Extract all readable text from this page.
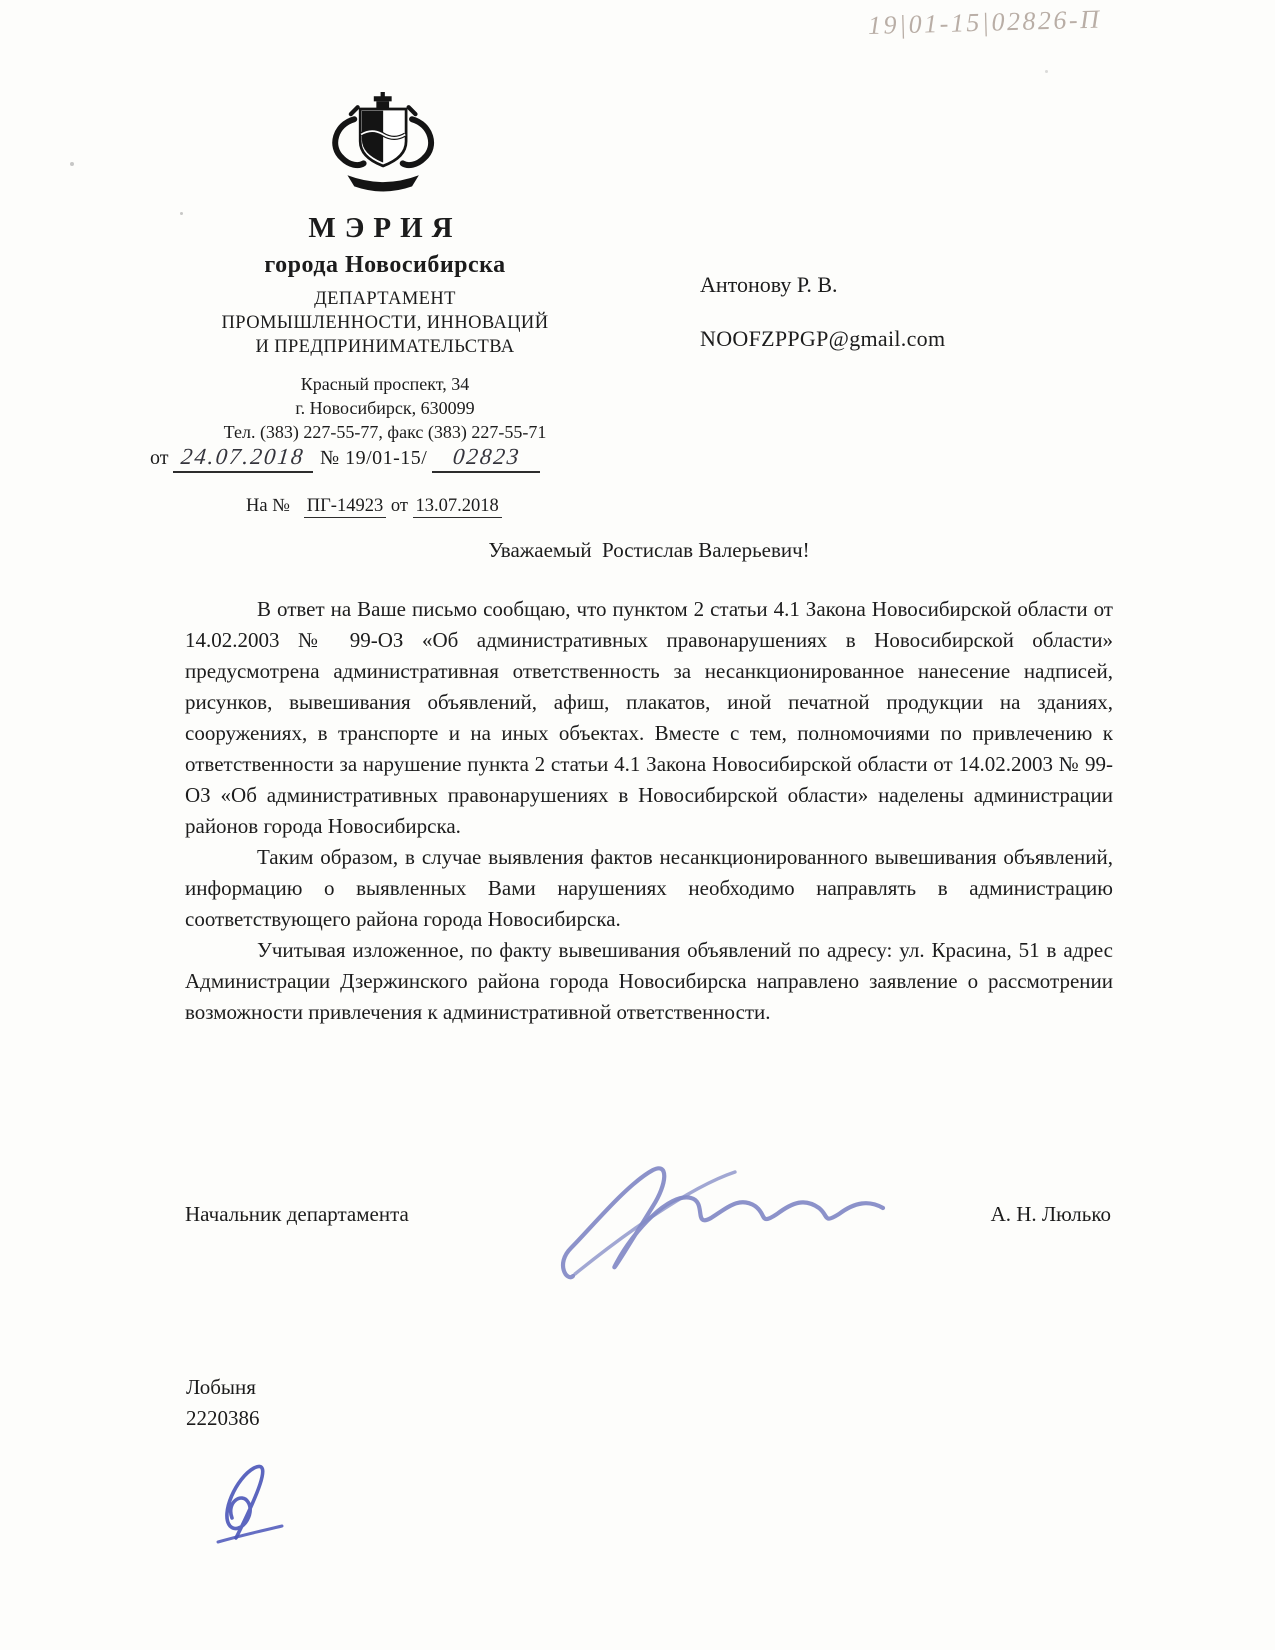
19|01-15|02826-П
МЭРИЯ
города Новосибирска
ДЕПАРТАМЕНТ
ПРОМЫШЛЕННОСТИ, ИННОВАЦИЙ
И ПРЕДПРИНИМАТЕЛЬСТВА
Красный проспект, 34
г. Новосибирск, 630099
Тел. (383) 227-55-77, факс (383) 227-55-71
от 24.07.2018 № 19/01-15/ 02823
На № ПГ-14923 от 13.07.2018
Антонову Р. В.
NOOFZPPGP@gmail.com
Уважаемый  Ростислав Валерьевич!

В ответ на Ваше письмо сообщаю, что пунктом 2 статьи 4.1 Закона Новосибирской области от 14.02.2003 № 99-ОЗ «Об административных правонарушениях в Новосибирской области» предусмотрена административная ответственность за несанкционированное нанесение надписей, рисунков, вывешивания объявлений, афиш, плакатов, иной печатной продукции на зданиях, сооружениях, в транспорте и на иных объектах. Вместе с тем, полномочиями по привлечению к ответственности за нарушение пункта 2 статьи 4.1 Закона Новосибирской области от 14.02.2003 № 99-ОЗ «Об административных правонарушениях в Новосибирской области» наделены администрации районов города Новосибирска.

Таким образом, в случае выявления фактов несанкционированного вывешивания объявлений, информацию о выявленных Вами нарушениях необходимо направлять в администрацию соответствующего района города Новосибирска.

Учитывая изложенное, по факту вывешивания объявлений по адресу: ул. Красина, 51 в адрес Администрации Дзержинского района города Новосибирска направлено заявление о рассмотрении возможности привлечения к административной ответственности.

Начальник департамента	А. Н. Люлько
Лобыня
2220386
